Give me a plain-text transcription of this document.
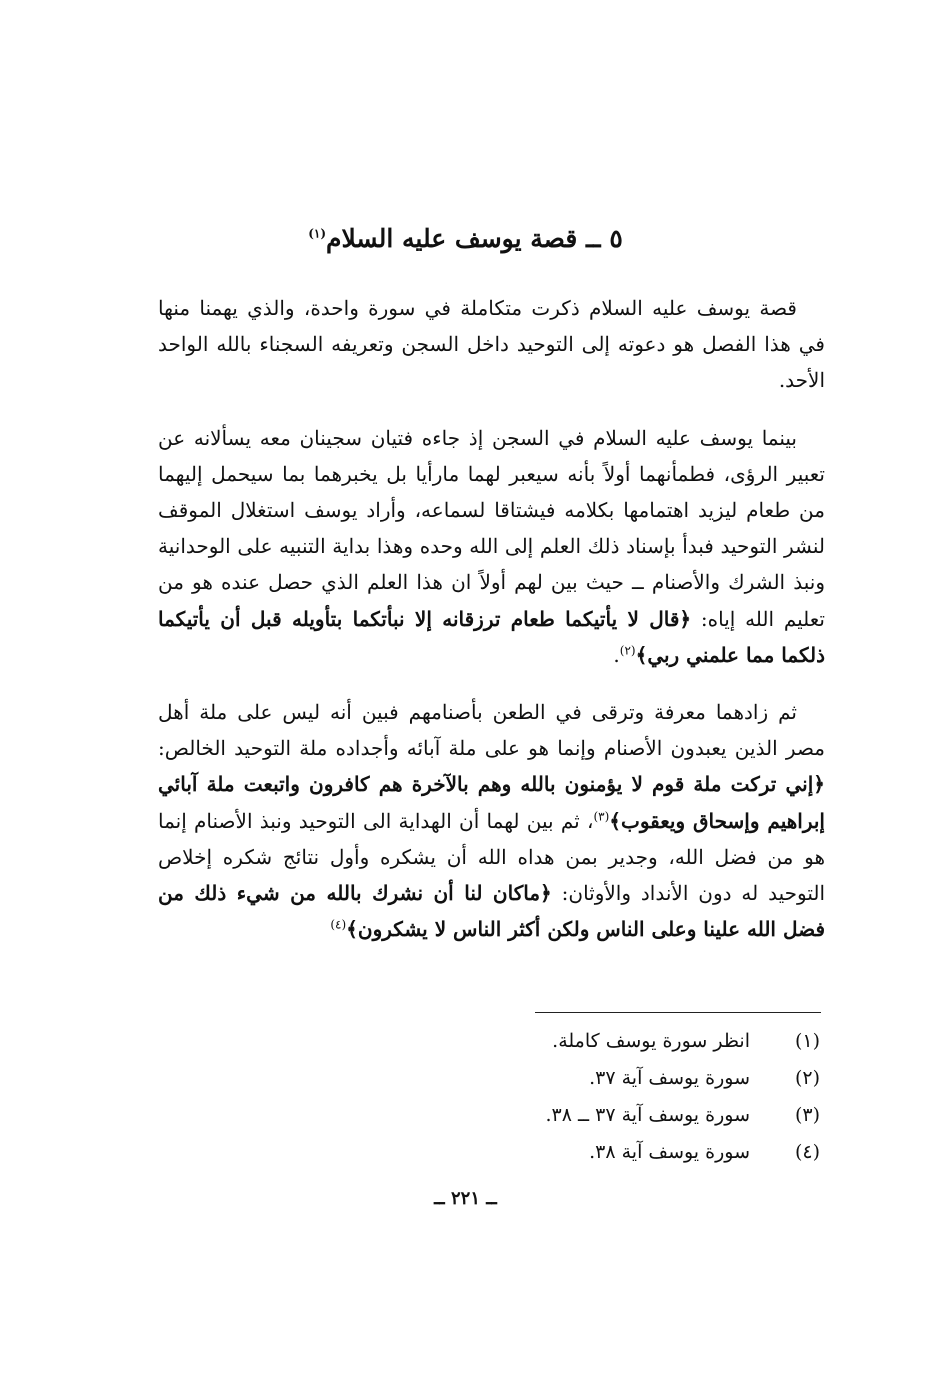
٥ ــ قصة يوسف عليه السلام$^{(١)}$

قصة يوسف عليه السلام ذكرت متكاملة في سورة واحدة، والذي يهمنا منها في هذا الفصل هو دعوته إلى التوحيد داخل السجن وتعريفه السجناء بالله الواحد الأحد.

بينما يوسف عليه السلام في السجن إذ جاءه فتيان سجينان معه يسألانه عن تعبير الرؤى، فطمأنهما أولاً بأنه سيعبر لهما مارأيا بل يخبرهما بما سيحمل إليهما من طعام ليزيد اهتمامها بكلامه فيشتاقا لسماعه، وأراد يوسف استغلال الموقف لنشر التوحيد فبدأ بإسناد ذلك العلم إلى الله وحده وهذا بداية التنبيه على الوحدانية ونبذ الشرك والأصنام ــ حيث بين لهم أولاً ان هذا العلم الذي حصل عنده هو من تعليم الله إياه: ﴿قال لا يأتيكما طعام ترزقانه إلا نبأتكما بتأويله قبل أن يأتيكما ذلكما مما علمني ربي﴾$^{(٢)}$.

ثم زادهما معرفة وترقى في الطعن بأصنامهم فبين أنه ليس على ملة أهل مصر الذين يعبدون الأصنام وإنما هو على ملة آبائه وأجداده ملة التوحيد الخالص: ﴿إني تركت ملة قوم لا يؤمنون بالله وهم بالآخرة هم كافرون واتبعت ملة آبائي إبراهيم وإسحاق ويعقوب﴾$^{(٣)}$، ثم بين لهما أن الهداية الى التوحيد ونبذ الأصنام إنما هو من فضل الله، وجدير بمن هداه الله أن يشكره وأول نتائج شكره إخلاص التوحيد له دون الأنداد والأوثان: ﴿ماكان لنا أن نشرك بالله من شيء ذلك من فضل الله علينا وعلى الناس ولكن أكثر الناس لا يشكرون﴾$^{(٤)}$

(١)
انظر سورة يوسف كاملة.
(٢)
سورة يوسف آية ٣٧.
(٣)
سورة يوسف آية ٣٧ ــ ٣٨.
(٤)
سورة يوسف آية ٣٨.
ــ ٢٢١ ــ
